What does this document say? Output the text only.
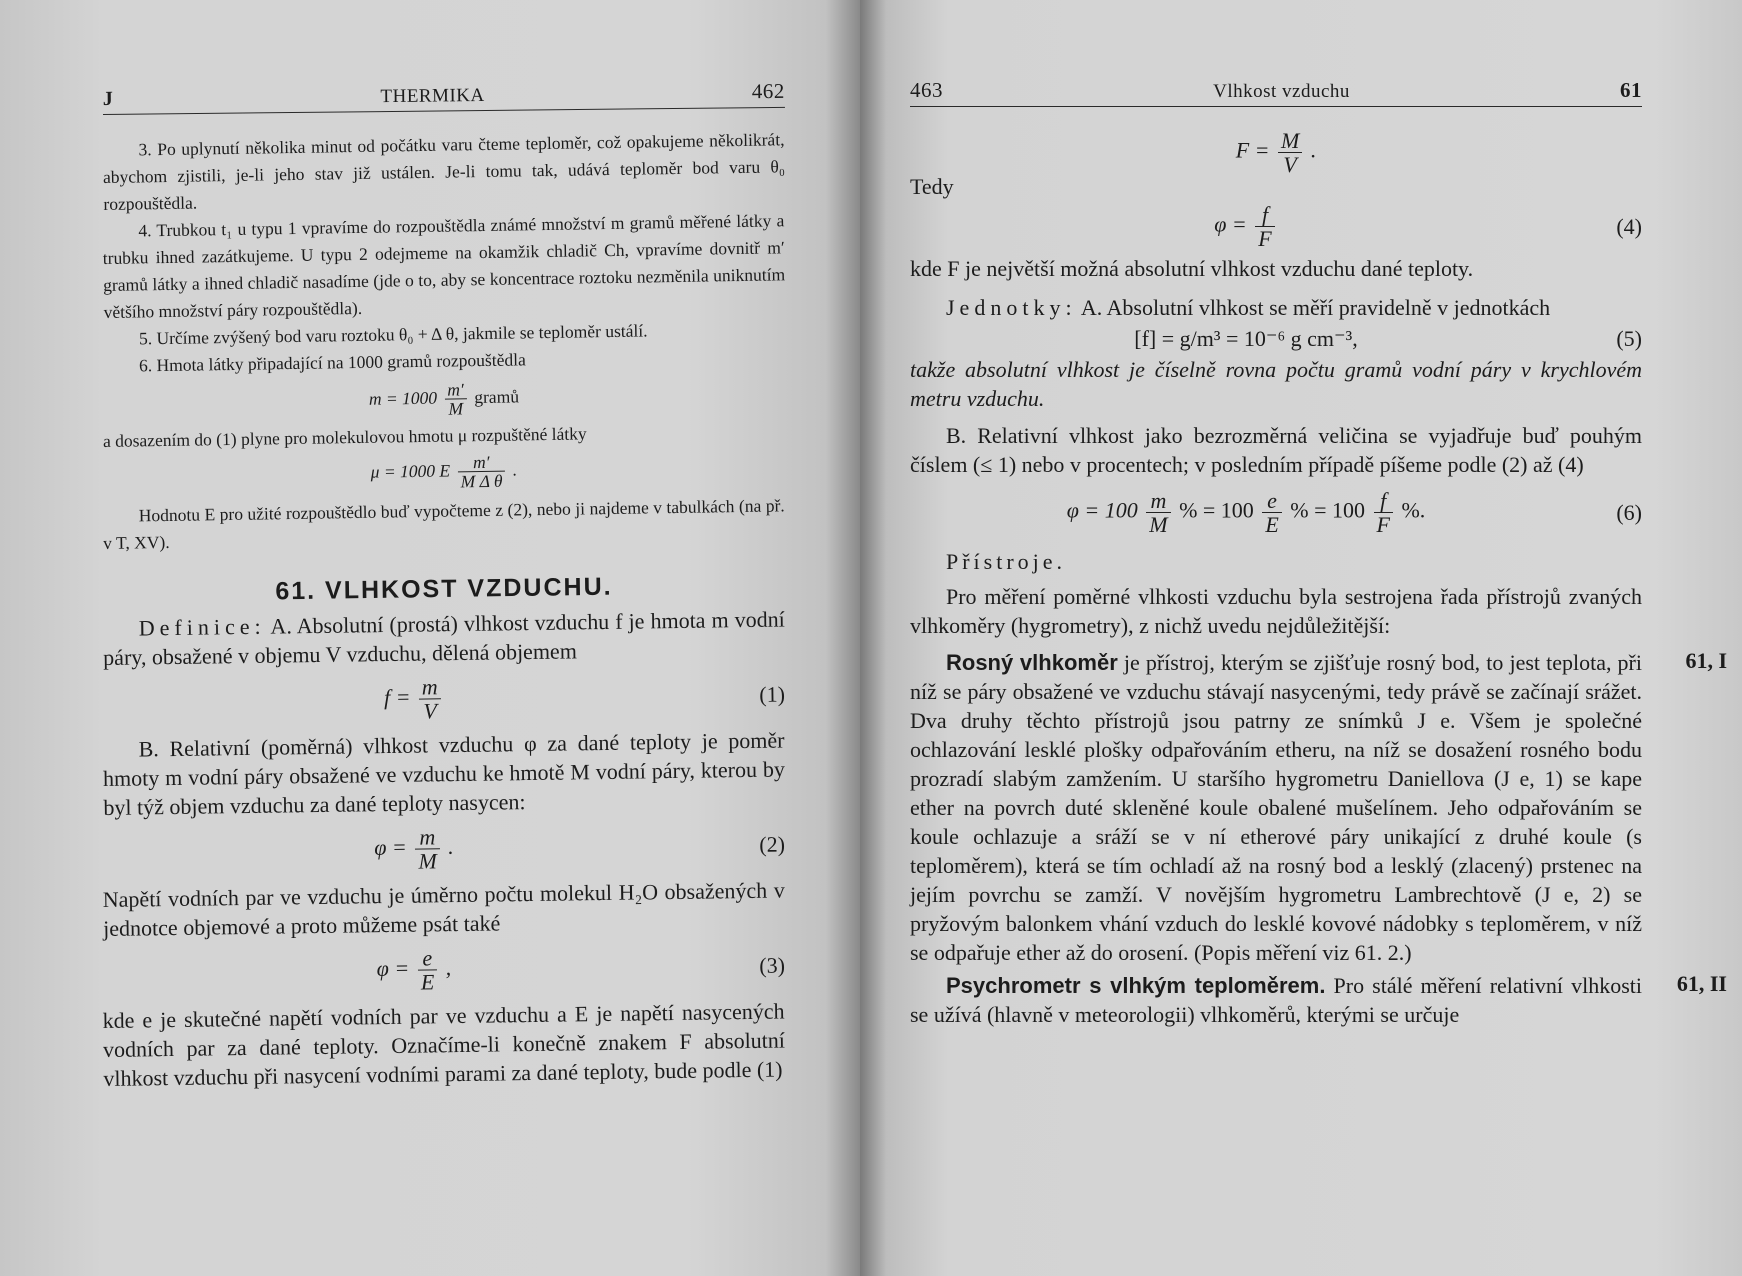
J	THERMIKA	462

3. Po uplynutí několika minut od počátku varu čteme teploměr, což opakujeme několikrát, abychom zjistili, je-li jeho stav již ustálen. Je-li tomu tak, udává teploměr bod varu θ₀ rozpouštědla.

4. Trubkou t₁ u typu 1 vpravíme do rozpouštědla známé množství m gramů měřené látky a trubku ihned zazátkujeme. U typu 2 odejmeme na okamžik chladič Ch, vpravíme dovnitř m′ gramů látky a ihned chladič nasadíme (jde o to, aby se koncentrace roztoku nezměnila uniknutím většího množství páry rozpouštědla).

5. Určíme zvýšený bod varu roztoku θ₀ + Δ θ, jakmile se teploměr ustálí.

6. Hmota látky připadající na 1000 gramů rozpouštědla

$m = 1000 \frac{m'}{M}$ gramů

a dosazením do (1) plyne pro molekulovou hmotu μ rozpuštěné látky

μ = 1000 E $\frac{m'}{\text{M Δ θ}}$ .

Hodnotu E pro užité rozpouštědlo buď vypočteme z (2), nebo ji najdeme v tabulkách (na př. v T, XV).

61. VLHKOST VZDUCHU.

Definice: A. Absolutní (prostá) vlhkost vzduchu f je hmota m vodní páry, obsažené v objemu V vzduchu, dělená objemem

$f = \frac{m}{V}$	(1)

B. Relativní (poměrná) vlhkost vzduchu φ za dané teploty je poměr hmoty m vodní páry obsažené ve vzduchu ke hmotě M vodní páry, kterou by byl týž objem vzduchu za dané teploty nasycen:

$\varphi = \frac{m}{M}$ .	(2)

Napětí vodních par ve vzduchu je úměrno počtu molekul H₂O obsažených v jednotce objemové a proto můžeme psát také

$\varphi = \frac{e}{E}$ ,	(3)

kde e je skutečné napětí vodních par ve vzduchu a E je napětí nasycených vodních par za dané teploty. Označíme-li konečně znakem F absolutní vlhkost vzduchu při nasycení vodními parami za dané teploty, bude podle (1)

463	Vlhkost vzduchu	61
$F = \frac{M}{V}$ .
Tedy
$\varphi = \frac{f}{F}$	(4)

kde F je největší možná absolutní vlhkost vzduchu dané teploty.

Jednotky: A. Absolutní vlhkost se měří pravidelně v jednotkách

[f] = g/m³ = 10⁻⁶ g cm⁻³,	(5)

takže absolutní vlhkost je číselně rovna počtu gramů vodní páry v krychlovém metru vzduchu.

B. Relativní vlhkost jako bezrozměrná veličina se vyjadřuje buď pouhým číslem (≤ 1) nebo v procentech; v posledním případě píšeme podle (2) až (4)

$\varphi = 100 \frac{m}{M}$ % = $100 \frac{e}{E}$ % = $100 \frac{f}{F}$ %.	(6)

Přístroje.

Pro měření poměrné vlhkosti vzduchu byla sestrojena řada přístrojů zvaných vlhkoměry (hygrometry), z nichž uvedu nejdůležitější:

Rosný vlhkoměr je přístroj, kterým se zjišťuje rosný bod, to jest teplota, při níž se páry obsažené ve vzduchu stávají nasycenými, tedy právě se začínají srážet. Dva druhy těchto přístrojů jsou patrny ze snímků J e. Všem je společné ochlazování lesklé plošky odpařováním etheru, na níž se dosažení rosného bodu prozradí slabým zamžením. U staršího hygrometru Daniellova (J e, 1) se kape ether na povrch duté skleněné koule obalené mušelínem. Jeho odpařováním se koule ochlazuje a sráží se v ní etherové páry unikající z druhé koule (s teploměrem), která se tím ochladí až na rosný bod a lesklý (zlacený) prstenec na jejím povrchu se zamží. V novějším hygrometru Lambrechtově (J e, 2) se pryžovým balonkem vhání vzduch do lesklé kovové nádobky s teploměrem, v níž se odpařuje ether až do orosení. (Popis měření viz 61. 2.)

61, I

Psychrometr s vlhkým teploměrem. Pro stálé měření relativní vlhkosti se užívá (hlavně v meteorologii) vlhkoměrů, kterými se určuje

61, II
